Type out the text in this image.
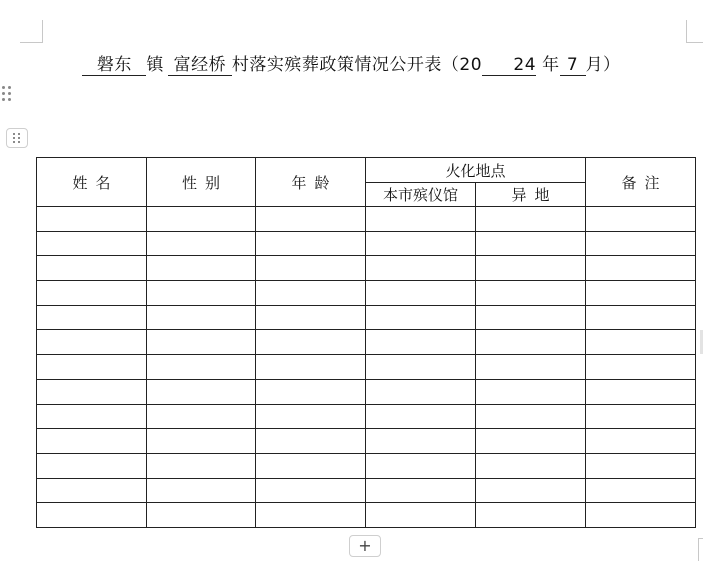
磐东 镇 富经桥 村落实殡葬政策情况公开表（20 24 年 7 月）
姓名	性别	年龄	火化地点		备注
			本市殡仪馆	异地	

+
